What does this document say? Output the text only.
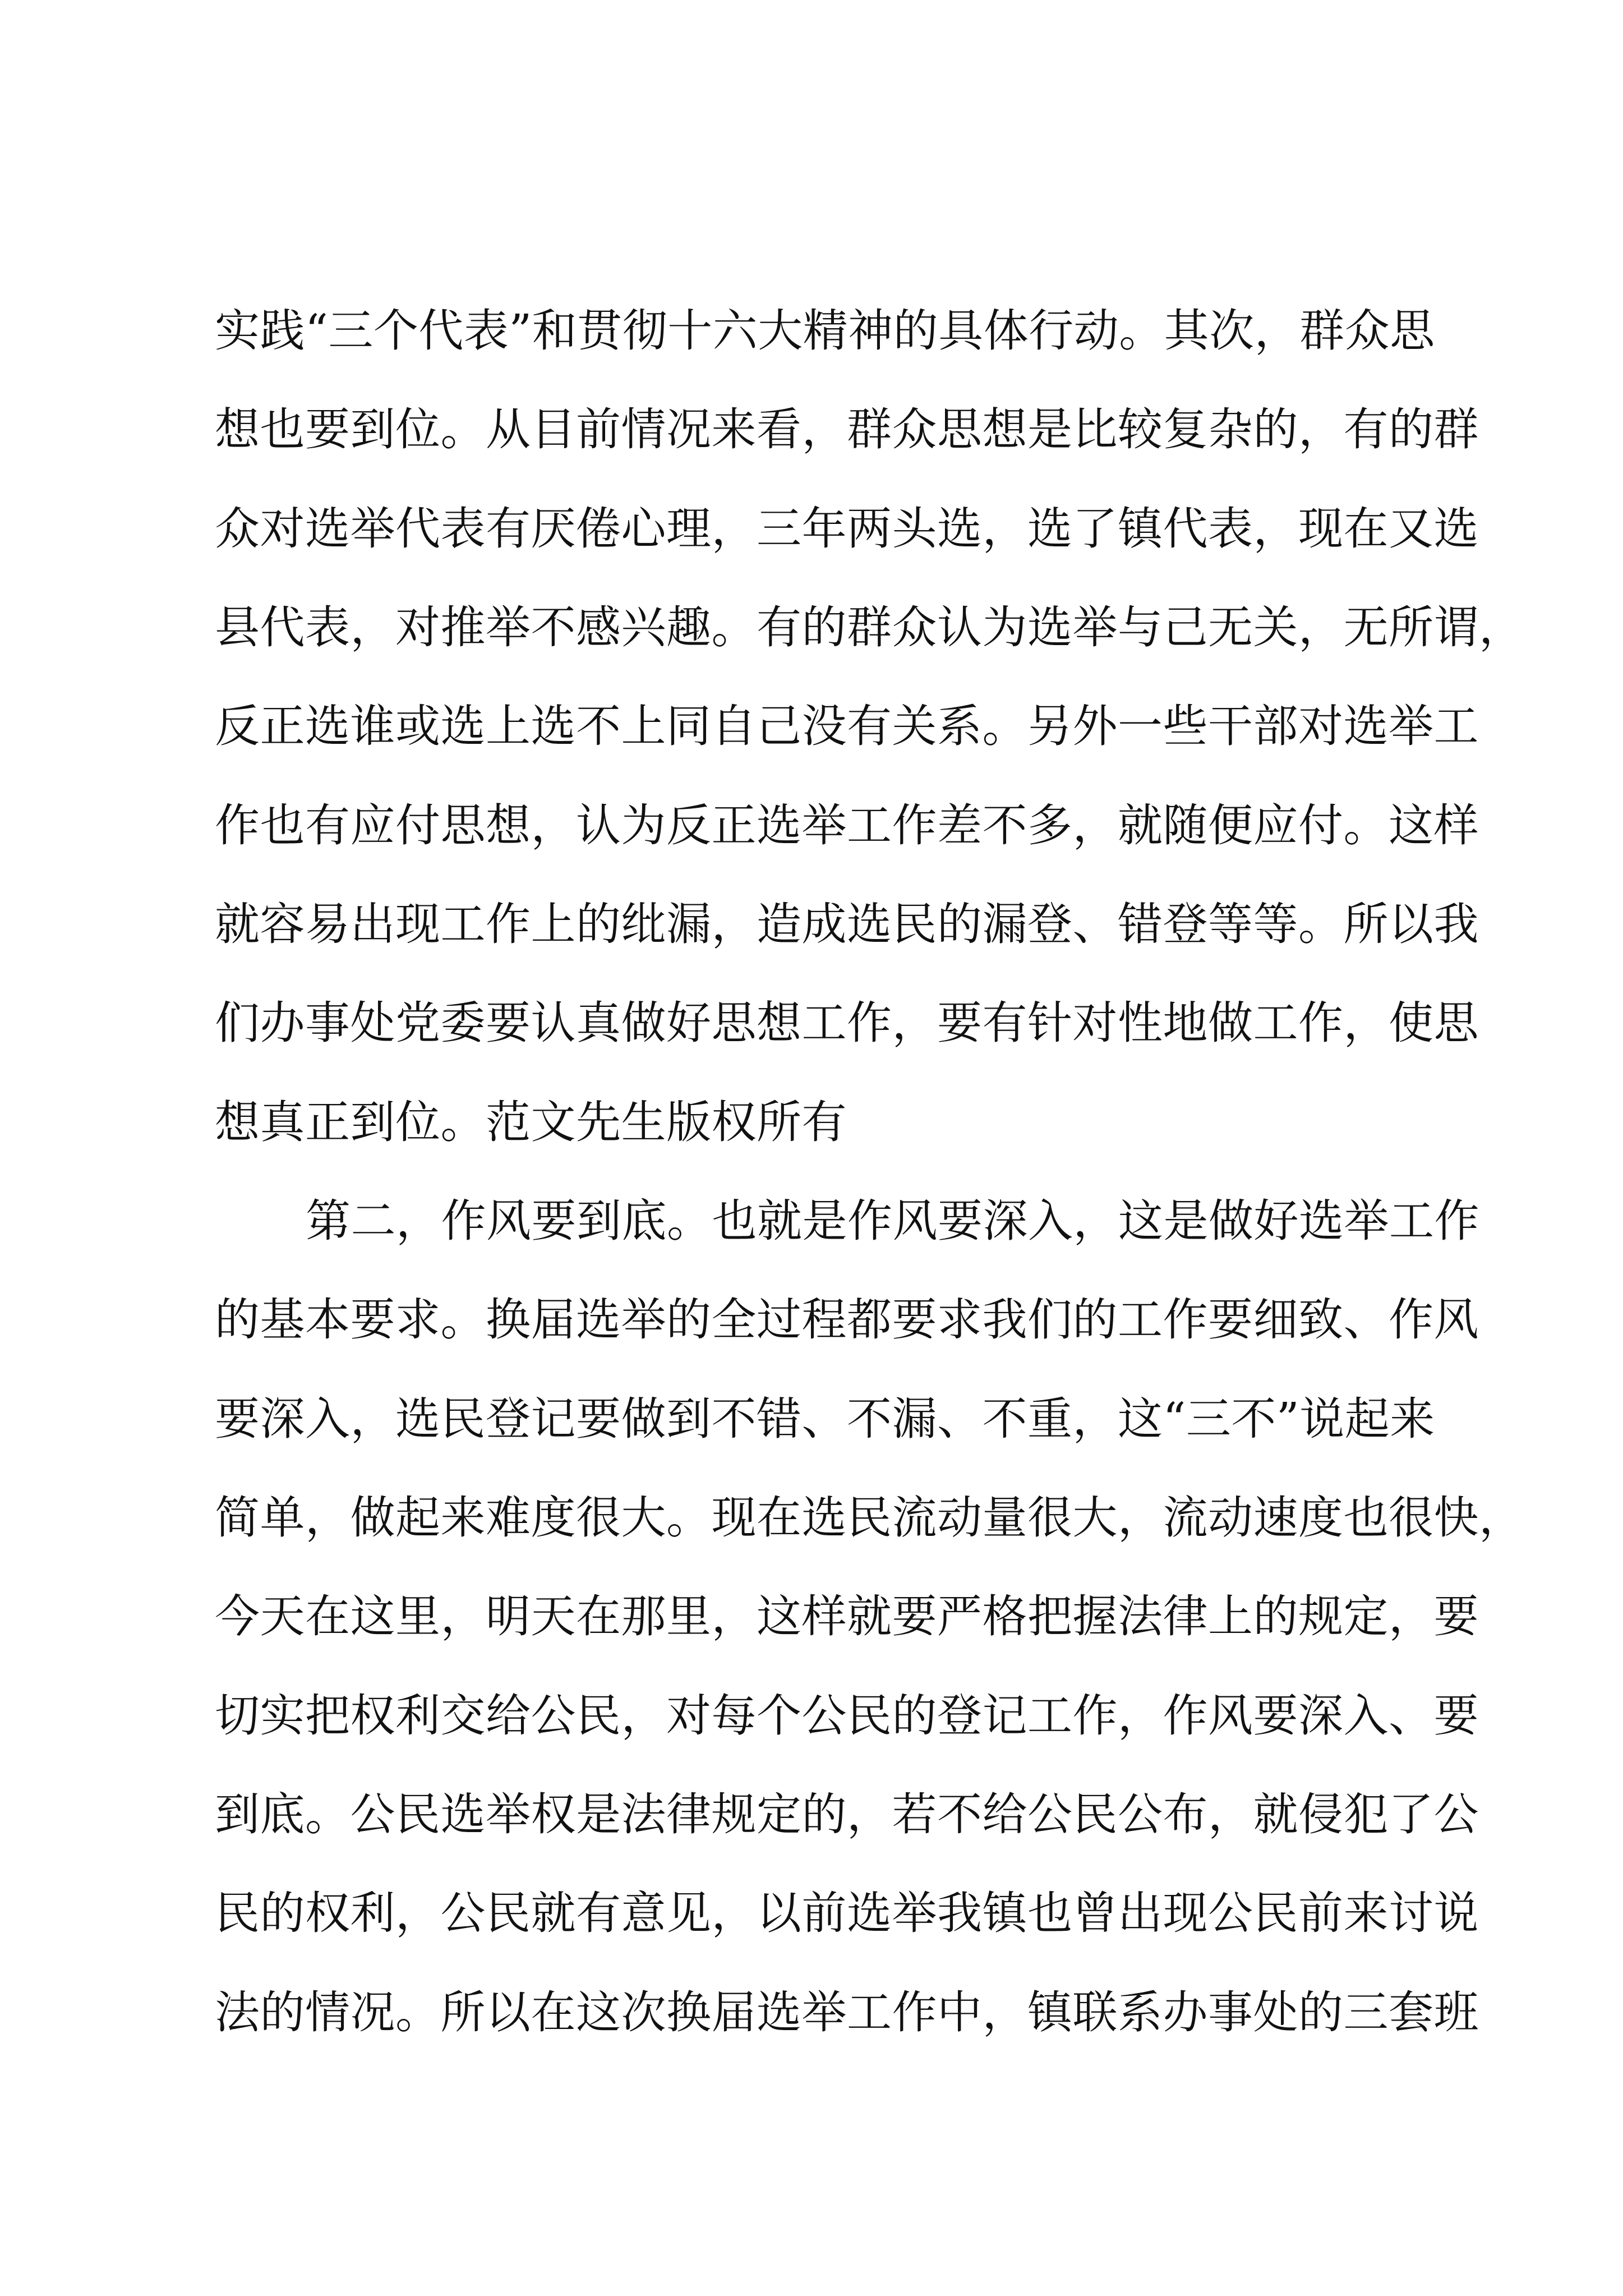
实践“三个代表”和贯彻十六大精神的具体行动。其次，群众思
想也要到位。从目前情况来看，群众思想是比较复杂的，有的群
众对选举代表有厌倦心理，三年两头选，选了镇代表，现在又选
县代表，对推举不感兴趣。有的群众认为选举与己无关，无所谓，
反正选谁或选上选不上同自己没有关系。另外一些干部对选举工
作也有应付思想，认为反正选举工作差不多，就随便应付。这样
就容易出现工作上的纰漏，造成选民的漏登、错登等等。所以我
们办事处党委要认真做好思想工作，要有针对性地做工作，使思
想真正到位。范文先生版权所有
第二，作风要到底。也就是作风要深入，这是做好选举工作
的基本要求。换届选举的全过程都要求我们的工作要细致、作风
要深入，选民登记要做到不错、不漏、不重，这“三不”说起来
简单，做起来难度很大。现在选民流动量很大，流动速度也很快，
今天在这里，明天在那里，这样就要严格把握法律上的规定，要
切实把权利交给公民，对每个公民的登记工作，作风要深入、要
到底。公民选举权是法律规定的，若不给公民公布，就侵犯了公
民的权利，公民就有意见，以前选举我镇也曾出现公民前来讨说
法的情况。所以在这次换届选举工作中，镇联系办事处的三套班
